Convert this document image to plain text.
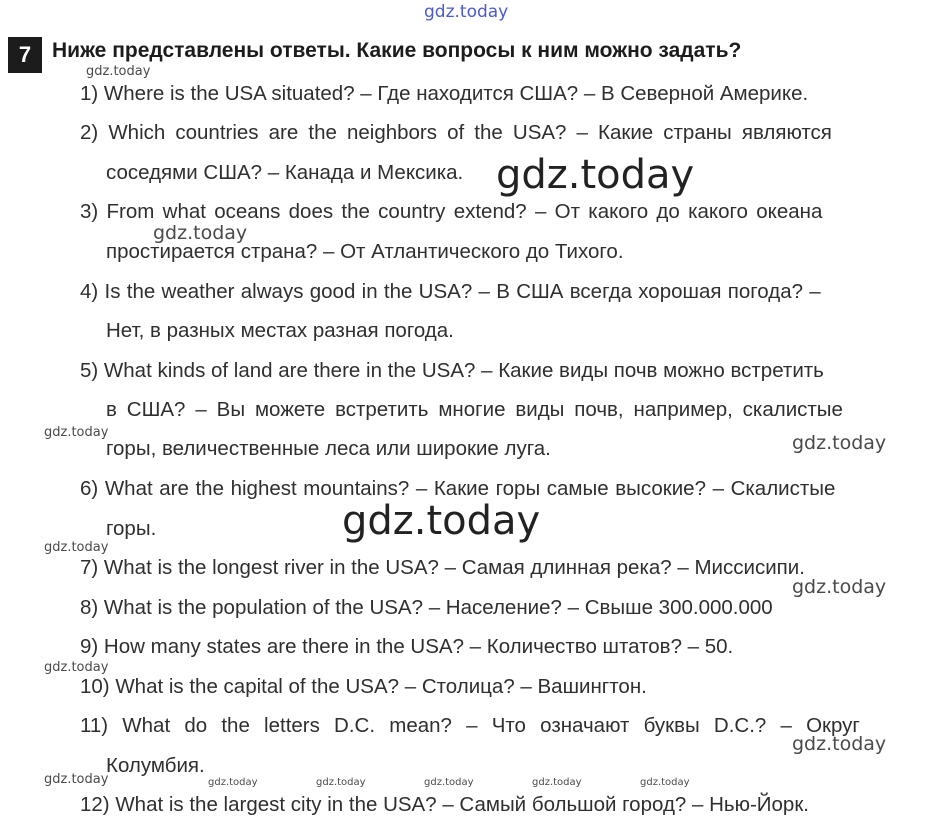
gdz.today
gdz.today
gdz.today
gdz.today	gdz.today
gdz.today
gdz.today
gdz.today
gdz.today
gdz.today	gdz.today	gdz.today	gdz.today	gdz.today	gdz.today
7 Ниже представлены ответы. Какие вопросы к ним можно задать?
1) Where is the USA situated? – Где находится США? – В Северной Америке.
2) Which countries are the neighbors of the USA? – Какие страны являются
соседями США? – Канада и Мексика.
3) From what oceans does the country extend? – От какого до какого океана
простирается страна? – От Атлантического до Тихого.
4) Is the weather always good in the USA? – В США всегда хорошая погода? –
Нет, в разных местах разная погода.
5) What kinds of land are there in the USA? – Какие виды почв можно встретить
в США? – Вы можете встретить многие виды почв, например, скалистые
горы, величественные леса или широкие луга.
6) What are the highest mountains? – Какие горы самые высокие? – Скалистые
горы.
7) What is the longest river in the USA? – Самая длинная река? – Миссисипи.
8) What is the population of the USA? – Население? – Свыше 300.000.000
9) How many states are there in the USA? – Количество штатов? – 50.
10) What is the capital of the USA? – Столица? – Вашингтон.
11) What do the letters D.C. mean? – Что означают буквы D.C.? – Округ
Колумбия.
12) What is the largest city in the USA? – Самый большой город? – Нью-Йорк.
gdz.today
gdz.today
